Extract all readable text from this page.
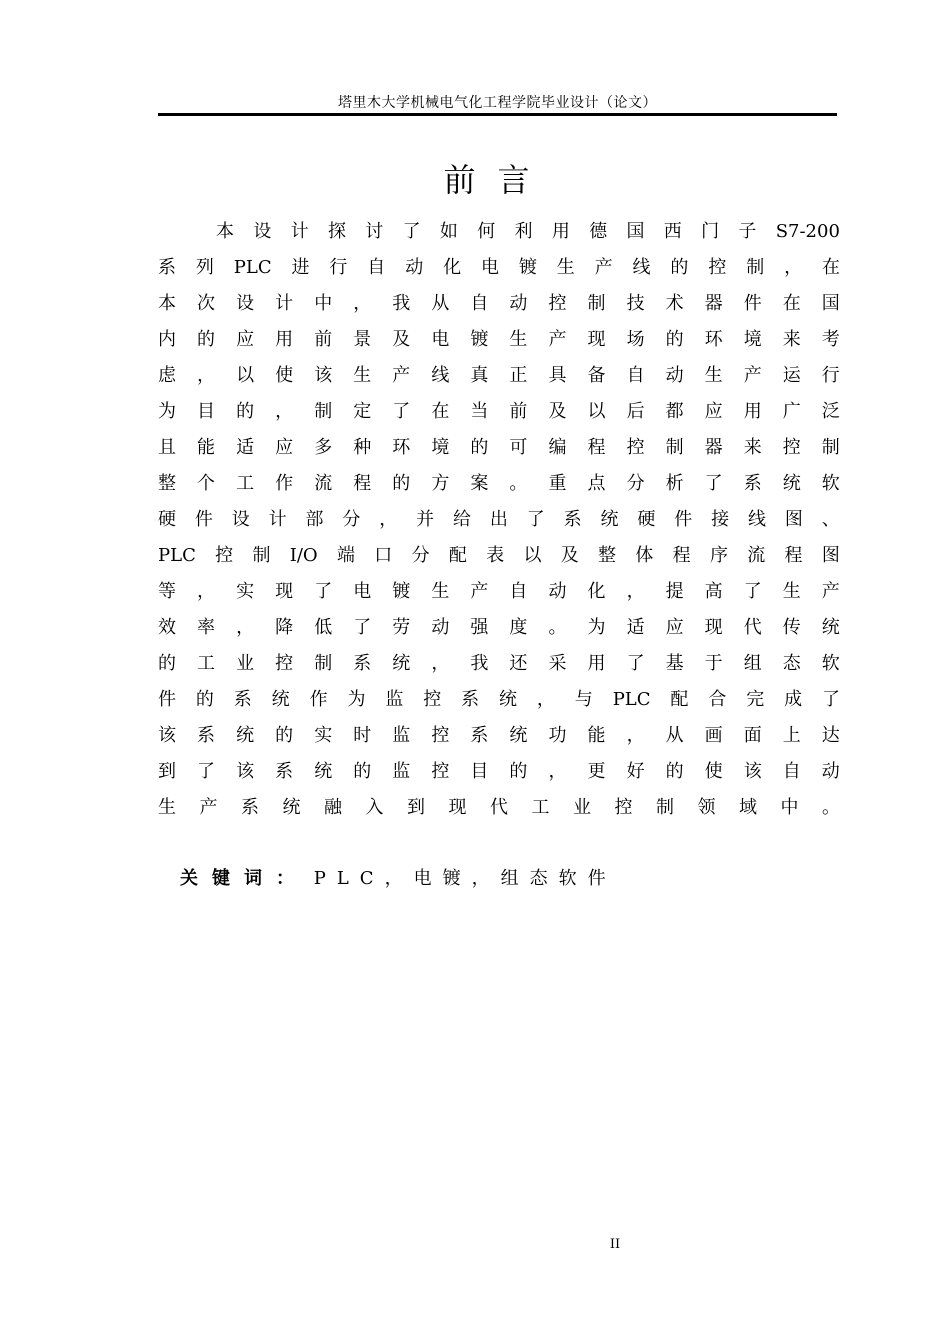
塔里木大学机械电气化工程学院毕业设计（论文）
前言
本 设 计 探 讨 了 如 何 利 用 德 国 西 门 子 S7-200
系 列 PLC 进 行 自 动 化 电 镀 生 产 线 的 控 制 ， 在
本 次 设 计 中 ， 我 从 自 动 控 制 技 术 器 件 在 国
内 的 应 用 前 景 及 电 镀 生 产 现 场 的 环 境 来 考
虑 ， 以 使 该 生 产 线 真 正 具 备 自 动 生 产 运 行
为 目 的 ， 制 定 了 在 当 前 及 以 后 都 应 用 广 泛
且 能 适 应 多 种 环 境 的 可 编 程 控 制 器 来 控 制
整 个 工 作 流 程 的 方 案 。 重 点 分 析 了 系 统 软
硬 件 设 计 部 分 ， 并 给 出 了 系 统 硬 件 接 线 图 、
PLC 控 制 I/O 端 口 分 配 表 以 及 整 体 程 序 流 程 图
等 ， 实 现 了 电 镀 生 产 自 动 化 ， 提 高 了 生 产
效 率 ， 降 低 了 劳 动 强 度 。 为 适 应 现 代 传 统
的 工 业 控 制 系 统 ， 我 还 采 用 了 基 于 组 态 软
件 的 系 统 作 为 监 控 系 统 ， 与 PLC 配 合 完 成 了
该 系 统 的 实 时 监 控 系 统 功 能 ， 从 画 面 上 达
到 了 该 系 统 的 监 控 目 的 ， 更 好 的 使 该 自 动
生 产 系 统 融 入 到 现 代 工 业 控 制 领 域 中 。
关键词： PLC，电镀，组态软件
II
